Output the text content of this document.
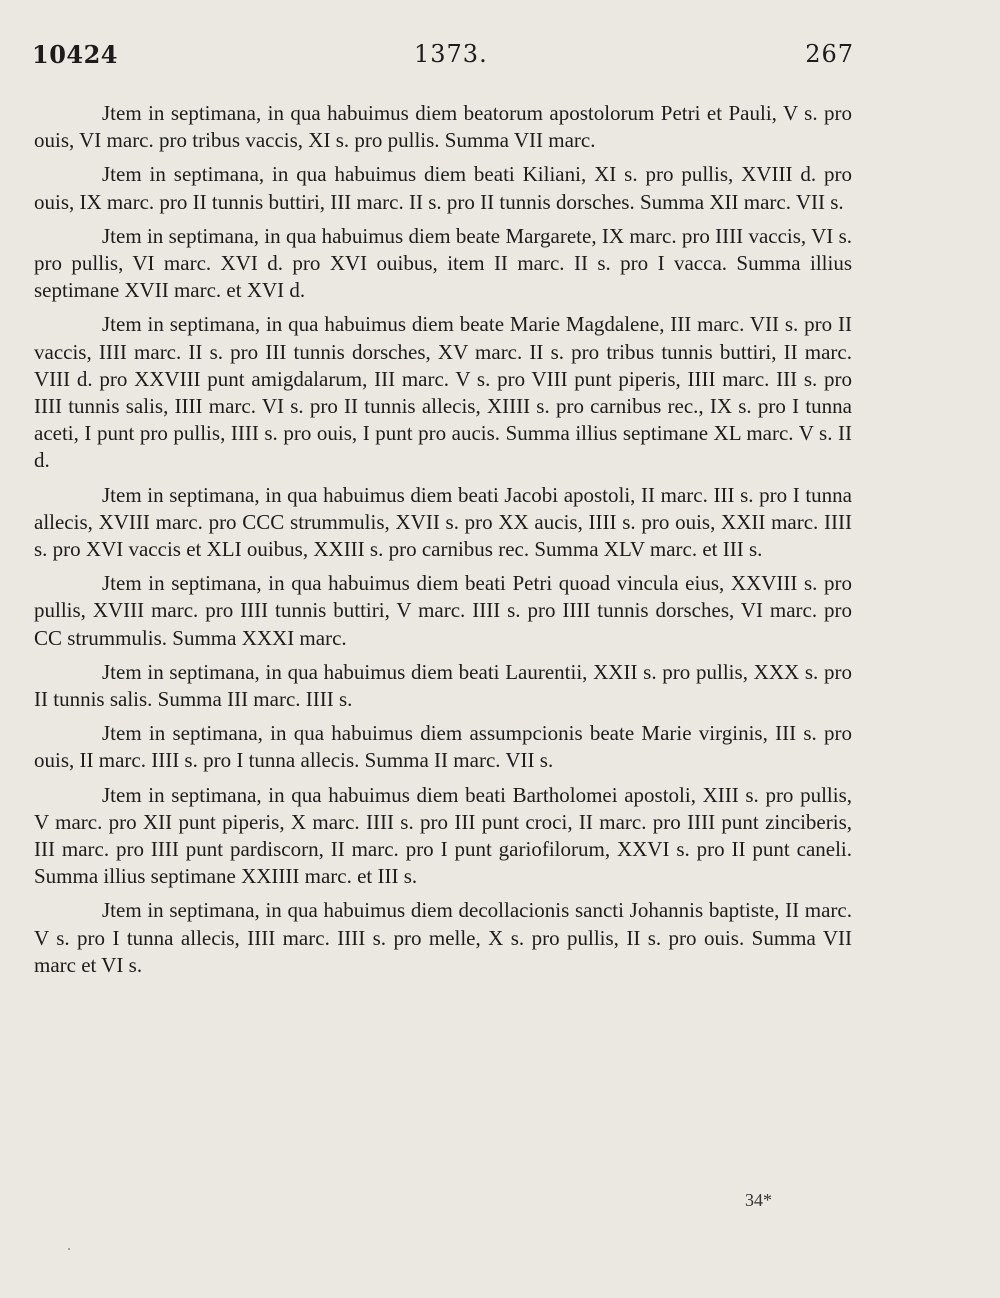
10424	1373.	267

Jtem in septimana, in qua habuimus diem beatorum apostolorum Petri et Pauli, V s. pro ouis, VI marc. pro tribus vaccis, XI s. pro pullis. Summa VII marc.

Jtem in septimana, in qua habuimus diem beati Kiliani, XI s. pro pullis, XVIII d. pro ouis, IX marc. pro II tunnis buttiri, III marc. II s. pro II tunnis dorsches. Summa XII marc. VII s.

Jtem in septimana, in qua habuimus diem beate Margarete, IX marc. pro IIII vaccis, VI s. pro pullis, VI marc. XVI d. pro XVI ouibus, item II marc. II s. pro I vacca. Summa illius septimane XVII marc. et XVI d.

Jtem in septimana, in qua habuimus diem beate Marie Magdalene, III marc. VII s. pro II vaccis, IIII marc. II s. pro III tunnis dorsches, XV marc. II s. pro tribus tunnis buttiri, II marc. VIII d. pro XXVIII punt amigdalarum, III marc. V s. pro VIII punt piperis, IIII marc. III s. pro IIII tunnis salis, IIII marc. VI s. pro II tunnis allecis, XIIII s. pro carnibus rec., IX s. pro I tunna aceti, I punt pro pullis, IIII s. pro ouis, I punt pro aucis. Summa illius septimane XL marc. V s. II d.

Jtem in septimana, in qua habuimus diem beati Jacobi apostoli, II marc. III s. pro I tunna allecis, XVIII marc. pro CCC strummulis, XVII s. pro XX aucis, IIII s. pro ouis, XXII marc. IIII s. pro XVI vaccis et XLI ouibus, XXIII s. pro carnibus rec. Summa XLV marc. et III s.

Jtem in septimana, in qua habuimus diem beati Petri quoad vincula eius, XXVIII s. pro pullis, XVIII marc. pro IIII tunnis buttiri, V marc. IIII s. pro IIII tunnis dorsches, VI marc. pro CC strummulis. Summa XXXI marc.

Jtem in septimana, in qua habuimus diem beati Laurentii, XXII s. pro pullis, XXX s. pro II tunnis salis. Summa III marc. IIII s.

Jtem in septimana, in qua habuimus diem assumpcionis beate Marie virginis, III s. pro ouis, II marc. IIII s. pro I tunna allecis. Summa II marc. VII s.

Jtem in septimana, in qua habuimus diem beati Bartholomei apostoli, XIII s. pro pullis, V marc. pro XII punt piperis, X marc. IIII s. pro III punt croci, II marc. pro IIII punt zinciberis, III marc. pro IIII punt pardiscorn, II marc. pro I punt gariofilorum, XXVI s. pro II punt caneli. Summa illius septimane XXIIII marc. et III s.

Jtem in septimana, in qua habuimus diem decollacionis sancti Johannis baptiste, II marc. V s. pro I tunna allecis, IIII marc. IIII s. pro melle, X s. pro pullis, II s. pro ouis. Summa VII marc et VI s.

34*
